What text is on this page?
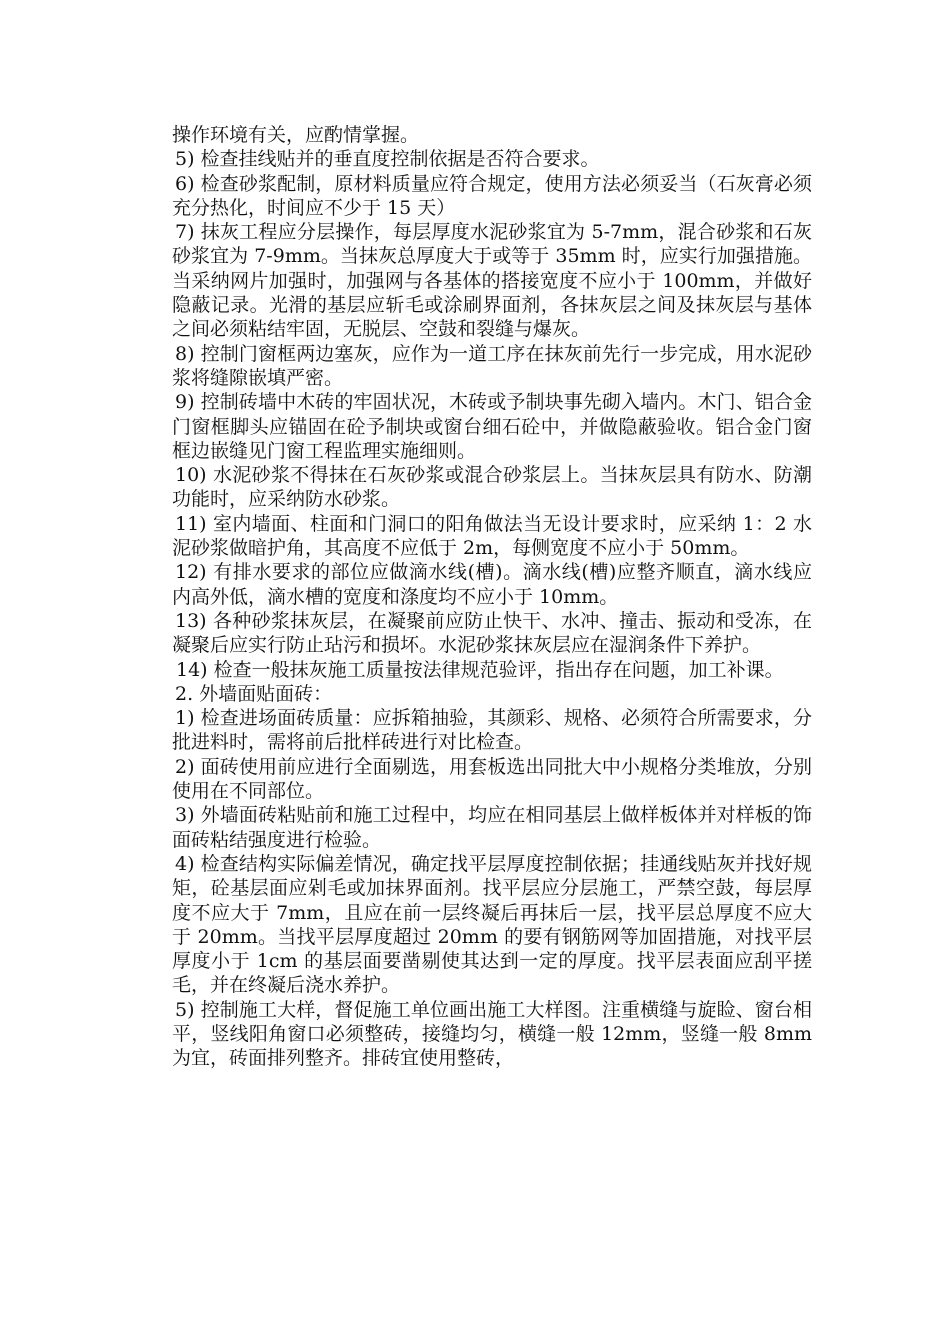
操作环境有关，应酌情掌握。

5) 检查挂线贴并的垂直度控制依据是否符合要求。

6) 检查砂浆配制，原材料质量应符合规定，使用方法必须妥当（石灰膏必须充分热化，时间应不少于 15 天）

7) 抹灰工程应分层操作，每层厚度水泥砂浆宜为 5-7mm，混合砂浆和石灰砂浆宜为 7-9mm。当抹灰总厚度大于或等于 35mm 时，应实行加强措施。当采纳网片加强时，加强网与各基体的搭接宽度不应小于 100mm，并做好隐蔽记录。光滑的基层应斩毛或涂刷界面剂，各抹灰层之间及抹灰层与基体之间必须粘结牢固，无脱层、空鼓和裂缝与爆灰。

8) 控制门窗框两边塞灰，应作为一道工序在抹灰前先行一步完成，用水泥砂浆将缝隙嵌填严密。

9) 控制砖墙中木砖的牢固状况，木砖或予制块事先砌入墙内。木门、铝合金门窗框脚头应锚固在砼予制块或窗台细石砼中，并做隐蔽验收。铝合金门窗框边嵌缝见门窗工程监理实施细则。

10) 水泥砂浆不得抹在石灰砂浆或混合砂浆层上。当抹灰层具有防水、防潮功能时，应采纳防水砂浆。

11) 室内墙面、柱面和门洞口的阳角做法当无设计要求时，应采纳 1：2 水泥砂浆做暗护角，其高度不应低于 2m，每侧宽度不应小于 50mm。

12) 有排水要求的部位应做滴水线(槽)。滴水线(槽)应整齐顺直，滴水线应内高外低，滴水槽的宽度和涤度均不应小于 10mm。

13) 各种砂浆抹灰层，在凝聚前应防止快干、水冲、撞击、振动和受冻，在凝聚后应实行防止玷污和损坏。水泥砂浆抹灰层应在湿润条件下养护。

14) 检查一般抹灰施工质量按法律规范验评，指出存在问题，加工补课。

2. 外墙面贴面砖：

1) 检查进场面砖质量：应拆箱抽验，其颜彩、规格、必须符合所需要求，分批进料时，需将前后批样砖进行对比检查。

2) 面砖使用前应进行全面剔选，用套板选出同批大中小规格分类堆放，分别使用在不同部位。

3) 外墙面砖粘贴前和施工过程中，均应在相同基层上做样板体并对样板的饰面砖粘结强度进行检验。

4) 检查结构实际偏差情况，确定找平层厚度控制依据；挂通线贴灰并找好规矩，砼基层面应剁毛或加抹界面剂。找平层应分层施工，严禁空鼓，每层厚度不应大于 7mm，且应在前一层终凝后再抹后一层，找平层总厚度不应大于 20mm。当找平层厚度超过 20mm 的要有钢筋网等加固措施，对找平层厚度小于 1cm 的基层面要凿剔使其达到一定的厚度。找平层表面应刮平搓毛，并在终凝后浇水养护。

5) 控制施工大样，督促施工单位画出施工大样图。注重横缝与旋睑、窗台相平，竖线阳角窗口必须整砖，接缝均匀，横缝一般 12mm，竖缝一般 8mm 为宜，砖面排列整齐。排砖宜使用整砖，
